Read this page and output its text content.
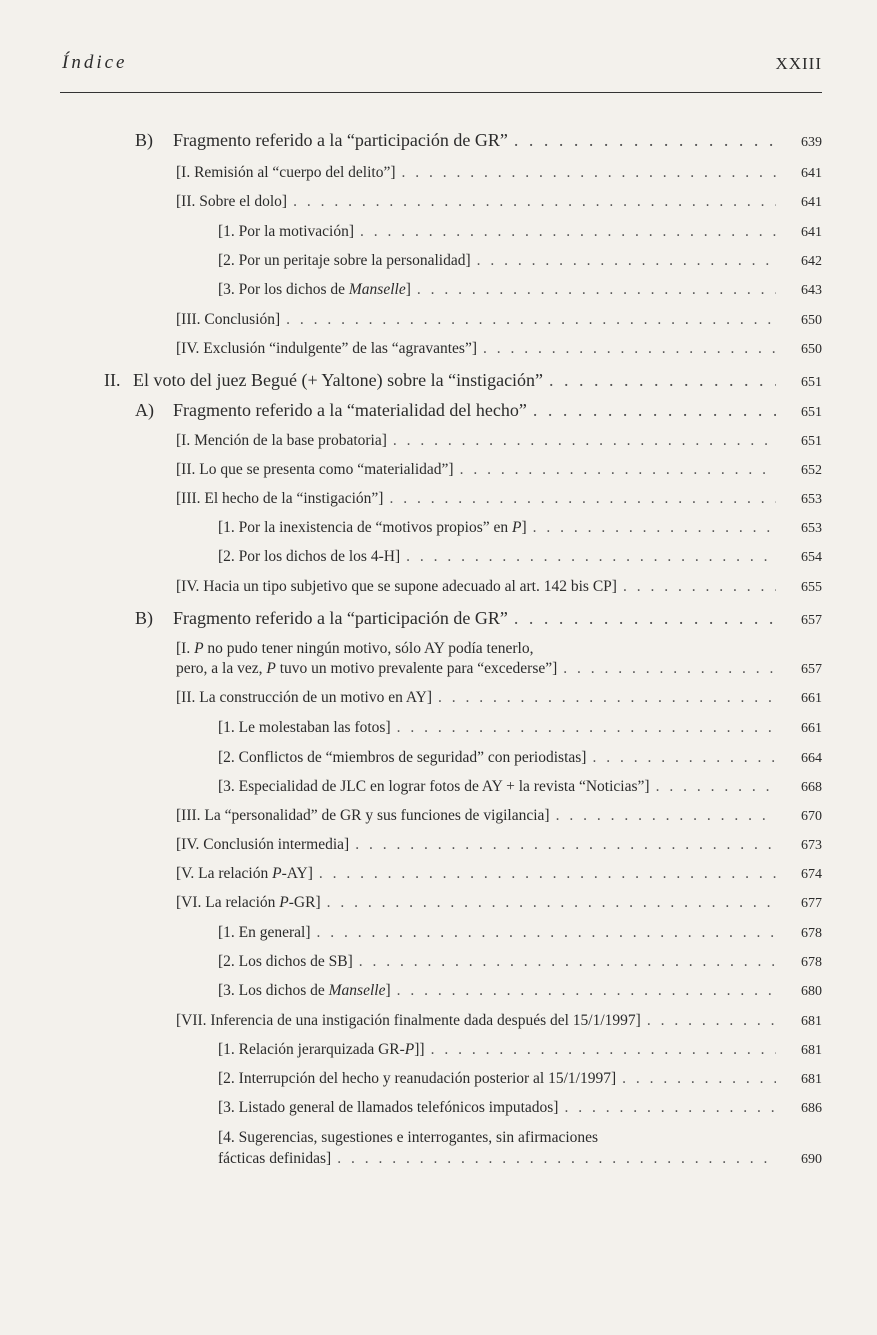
Índice	XXIII
B) Fragmento referido a la “participación de GR” . . .	639
[I. Remisión al “cuerpo del delito”] . . .	641
[II. Sobre el dolo] . . .	641
[1. Por la motivación] . . .	641
[2. Por un peritaje sobre la personalidad] . . .	642
[3. Por los dichos de Manselle] . . .	643
[III. Conclusión] . . .	650
[IV. Exclusión “indulgente” de las “agravantes”] . . .	650
II. El voto del juez Begué (+ Yaltone) sobre la “instigación” . . .	651
A) Fragmento referido a la “materialidad del hecho” . . .	651
[I. Mención de la base probatoria] . . .	651
[II. Lo que se presenta como “materialidad”] . . .	652
[III. El hecho de la “instigación”] . . .	653
[1. Por la inexistencia de “motivos propios” en P] . . .	653
[2. Por los dichos de los 4-H] . . .	654
[IV. Hacia un tipo subjetivo que se supone adecuado al art. 142 bis CP] . . .	655
B) Fragmento referido a la “participación de GR” . . .	657
[I. P no pudo tener ningún motivo, sólo AY podía tenerlo,
pero, a la vez, P tuvo un motivo prevalente para “excederse”] . . .	657
[II. La construcción de un motivo en AY] . . .	661
[1. Le molestaban las fotos] . . .	661
[2. Conflictos de “miembros de seguridad” con periodistas] . . .	664
[3. Especialidad de JLC en lograr fotos de AY + la revista “Noticias”] . . .	668
[III. La “personalidad” de GR y sus funciones de vigilancia] . . .	670
[IV. Conclusión intermedia] . . .	673
[V. La relación P-AY] . . .	674
[VI. La relación P-GR] . . .	677
[1. En general] . . .	678
[2. Los dichos de SB] . . .	678
[3. Los dichos de Manselle] . . .	680
[VII. Inferencia de una instigación finalmente dada después del 15/1/1997] . . .	681
[1. Relación jerarquizada GR-P]] . . .	681
[2. Interrupción del hecho y reanudación posterior al 15/1/1997] . . .	681
[3. Listado general de llamados telefónicos imputados] . . .	686
[4. Sugerencias, sugestiones e interrogantes, sin afirmaciones
fácticas definidas] . . .	690
